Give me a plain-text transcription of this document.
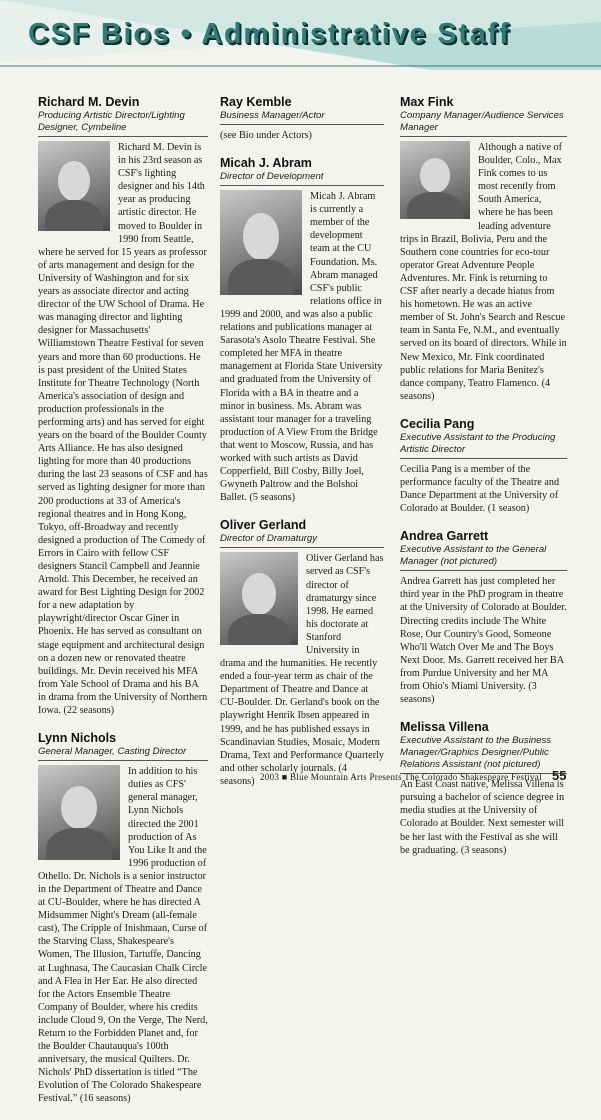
CSF Bios • Administrative Staff
Richard M. Devin
Producing Artistic Director/Lighting Designer, Cymbeline

Richard M. Devin is in his 23rd season as CSF's lighting designer and his 14th year as producing artistic director. He moved to Boulder in 1990 from Seattle, where he served for 15 years as professor of arts management and design for the University of Washington and for six years as associate director and acting director of the UW School of Drama. He was managing director and lighting designer for Massachusetts' Williamstown Theatre Festival for seven years and more than 60 productions. He is past president of the United States Institute for Theatre Technology (North America's association of design and production professionals in the performing arts) and has served for eight years on the board of the Boulder County Arts Alliance. He has also designed lighting for more than 40 productions during the last 23 seasons of CSF and has served as lighting designer for more than 200 productions at 33 of America's regional theatres and in Hong Kong, Tokyo, off-Broadway and recently designed a production of The Comedy of Errors in Cairo with fellow CSF designers Stancil Campbell and Jeannie Arnold. This December, he received an award for Best Lighting Design for 2002 for a new adaptation by playwright/director Oscar Giner in Phoenix. He has served as consultant on stage equipment and architectural design on a dozen new or renovated theatre buildings. Mr. Devin received his MFA from Yale School of Drama and his BA in drama from the University of Northern Iowa. (22 seasons)

Lynn Nichols
General Manager, Casting Director

In addition to his duties as CFS' general manager, Lynn Nichols directed the 2001 production of As You Like It and the 1996 production of Othello. Dr. Nichols is a senior instructor in the Department of Theatre and Dance at CU-Boulder, where he has directed A Midsummer Night's Dream (all-female cast), The Cripple of Inishmaan, Curse of the Starving Class, Shakespeare's Women, The Illusion, Tartuffe, Dancing at Lughnasa, The Caucasian Chalk Circle and A Flea in Her Ear. He also directed for the Actors Ensemble Theatre Company of Boulder, where his credits include Cloud 9, On the Verge, The Nerd, Return to the Forbidden Planet and, for the Boulder Chautauqua's 100th anniversary, the musical Quilters. Dr. Nichols' PhD dissertation is titled “The Evolution of The Colorado Shakespeare Festival.” (16 seasons)

Ray Kemble
Business Manager/Actor

(see Bio under Actors)

Micah J. Abram
Director of Development

Micah J. Abram is currently a member of the development team at the CU Foundation. Ms. Abram managed CSF's public relations office in 1999 and 2000, and was also a public relations and publications manager at Sarasota's Asolo Theatre Festival. She completed her MFA in theatre management at Florida State University and graduated from the University of Florida with a BA in theatre and a minor in business. Ms. Abram was assistant tour manager for a traveling production of A View From the Bridge that went to Moscow, Russia, and has worked with such artists as David Copperfield, Bill Cosby, Billy Joel, Gwyneth Paltrow and the Bolshoi Ballet. (5 seasons)

Oliver Gerland
Director of Dramaturgy

Oliver Gerland has served as CSF's director of dramaturgy since 1998. He earned his doctorate at Stanford University in drama and the humanities. He recently ended a four-year term as chair of the Department of Theatre and Dance at CU-Boulder. Dr. Gerland's book on the playwright Henrik Ibsen appeared in 1999, and he has published essays in Scandinavian Studies, Mosaic, Modern Drama, Text and Performance Quarterly and other scholarly journals. (4 seasons)

Max Fink
Company Manager/Audience Services Manager

Although a native of Boulder, Colo., Max Fink comes to us most recently from South America, where he has been leading adventure trips in Brazil, Bolivia, Peru and the Southern cone countries for eco-tour operator Great Adventure People Adventures. Mr. Fink is returning to CSF after nearly a decade hiatus from his hometown. He was an active member of St. John's Search and Rescue team in Santa Fe, N.M., and eventually served on its board of directors. While in New Mexico, Mr. Fink coordinated public relations for Maria Benitez's dance company, Teatro Flamenco. (4 seasons)

Cecilia Pang
Executive Assistant to the Producing Artistic Director

Cecilia Pang is a member of the performance faculty of the Theatre and Dance Department at the University of Colorado at Boulder. (1 season)

Andrea Garrett
Executive Assistant to the General Manager (not pictured)

Andrea Garrett has just completed her third year in the PhD program in theatre at the University of Colorado at Boulder. Directing credits include The White Rose, Our Country's Good, Someone Who'll Watch Over Me and The Boys Next Door. Ms. Garrett received her BA from Purdue University and her MA from Ohio's Miami University. (3 seasons)

Melissa Villena
Executive Assistant to the Business Manager/Graphics Designer/Public Relations Assistant (not pictured)

An East Coast native, Melissa Villena is pursuing a bachelor of science degree in media studies at the University of Colorado at Boulder. Next semester will be her last with the Festival as she will be graduating. (3 seasons)

2003 ■ Blue Mountain Arts Presents The Colorado Shakespeare Festival 55
